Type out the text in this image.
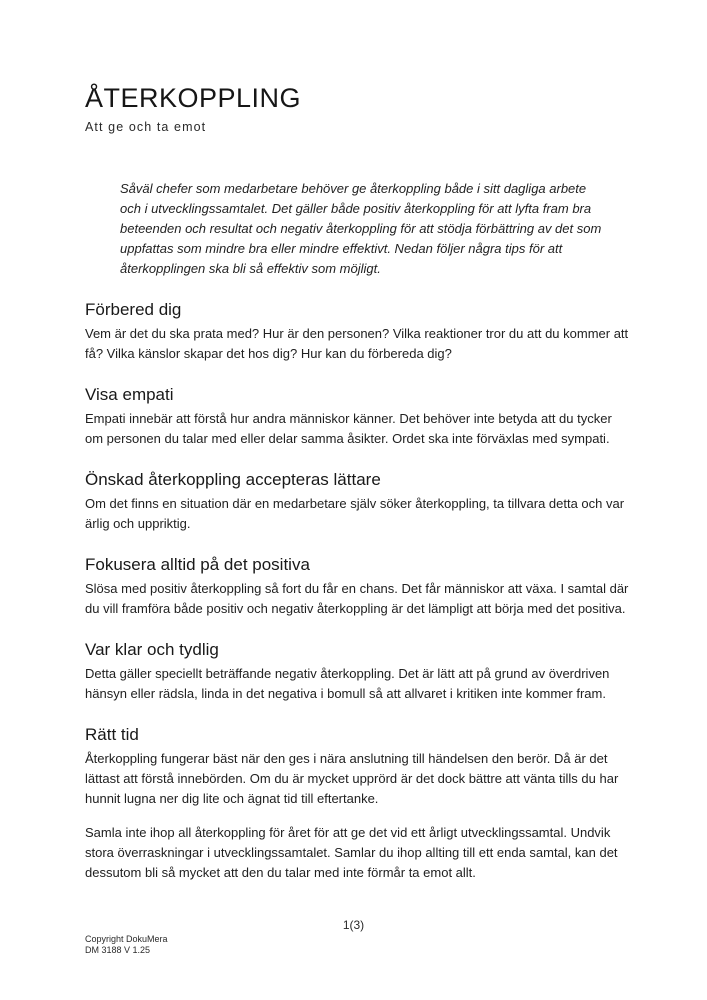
ÅTERKOPPLING
Att ge och ta emot
Såväl chefer som medarbetare behöver ge återkoppling både i sitt dagliga arbete och i utvecklingssamtalet. Det gäller både positiv återkoppling för att lyfta fram bra beteenden och resultat och negativ återkoppling för att stödja förbättring av det som uppfattas som mindre bra eller mindre effektivt. Nedan följer några tips för att återkopplingen ska bli så effektiv som möjligt.
Förbered dig

Vem är det du ska prata med? Hur är den personen? Vilka reaktioner tror du att du kommer att få? Vilka känslor skapar det hos dig? Hur kan du förbereda dig?

Visa empati

Empati innebär att förstå hur andra människor känner. Det behöver inte betyda att du tycker om personen du talar med eller delar samma åsikter. Ordet ska inte förväxlas med sympati.

Önskad återkoppling accepteras lättare

Om det finns en situation där en medarbetare själv söker återkoppling, ta tillvara detta och var ärlig och uppriktig.

Fokusera alltid på det positiva

Slösa med positiv återkoppling så fort du får en chans. Det får människor att växa. I samtal där du vill framföra både positiv och negativ återkoppling är det lämpligt att börja med det positiva.

Var klar och tydlig

Detta gäller speciellt beträffande negativ återkoppling. Det är lätt att på grund av överdriven hänsyn eller rädsla, linda in det negativa i bomull så att allvaret i kritiken inte kommer fram.

Rätt tid

Återkoppling fungerar bäst när den ges i nära anslutning till händelsen den berör. Då är det lättast att förstå innebörden. Om du är mycket upprörd är det dock bättre att vänta tills du har hunnit lugna ner dig lite och ägnat tid till eftertanke.

Samla inte ihop all återkoppling för året för att ge det vid ett årligt utvecklingssamtal. Undvik stora överraskningar i utvecklingssamtalet. Samlar du ihop allting till ett enda samtal, kan det dessutom bli så mycket att den du talar med inte förmår ta emot allt.

1(3)
Copyright DokuMera
DM 3188 V 1.25
